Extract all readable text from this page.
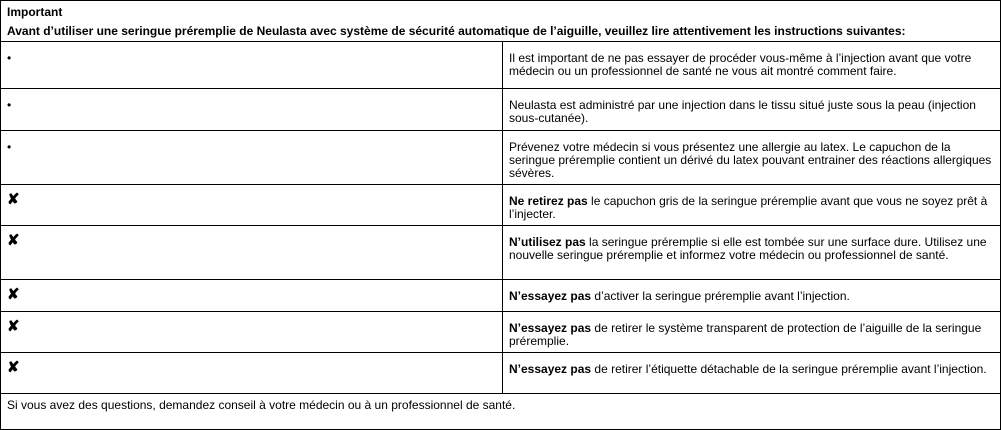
Important
Avant d’utiliser une seringue préremplie de Neulasta avec système de sécurité automatique de l’aiguille, veuillez lire attentivement les instructions suivantes:
•	Il est important de ne pas essayer de procéder vous-même à l’injection avant que votre médecin ou un professionnel de santé ne vous ait montré comment faire.
•	Neulasta est administré par une injection dans le tissu situé juste sous la peau (injection sous-cutanée).
•	Prévenez votre médecin si vous présentez une allergie au latex. Le capuchon de la seringue préremplie contient un dérivé du latex pouvant entrainer des réactions allergiques sévères.
✘	Ne retirez pas le capuchon gris de la seringue préremplie avant que vous ne soyez prêt à l’injecter.
✘	N’utilisez pas la seringue préremplie si elle est tombée sur une surface dure. Utilisez une nouvelle seringue préremplie et informez votre médecin ou professionnel de santé.
✘	N’essayez pas d’activer la seringue préremplie avant l’injection.
✘	N’essayez pas de retirer le système transparent de protection de l’aiguille de la seringue préremplie.
✘	N’essayez pas de retirer l’étiquette détachable de la seringue préremplie avant l’injection.
Si vous avez des questions, demandez conseil à votre médecin ou à un professionnel de santé.
